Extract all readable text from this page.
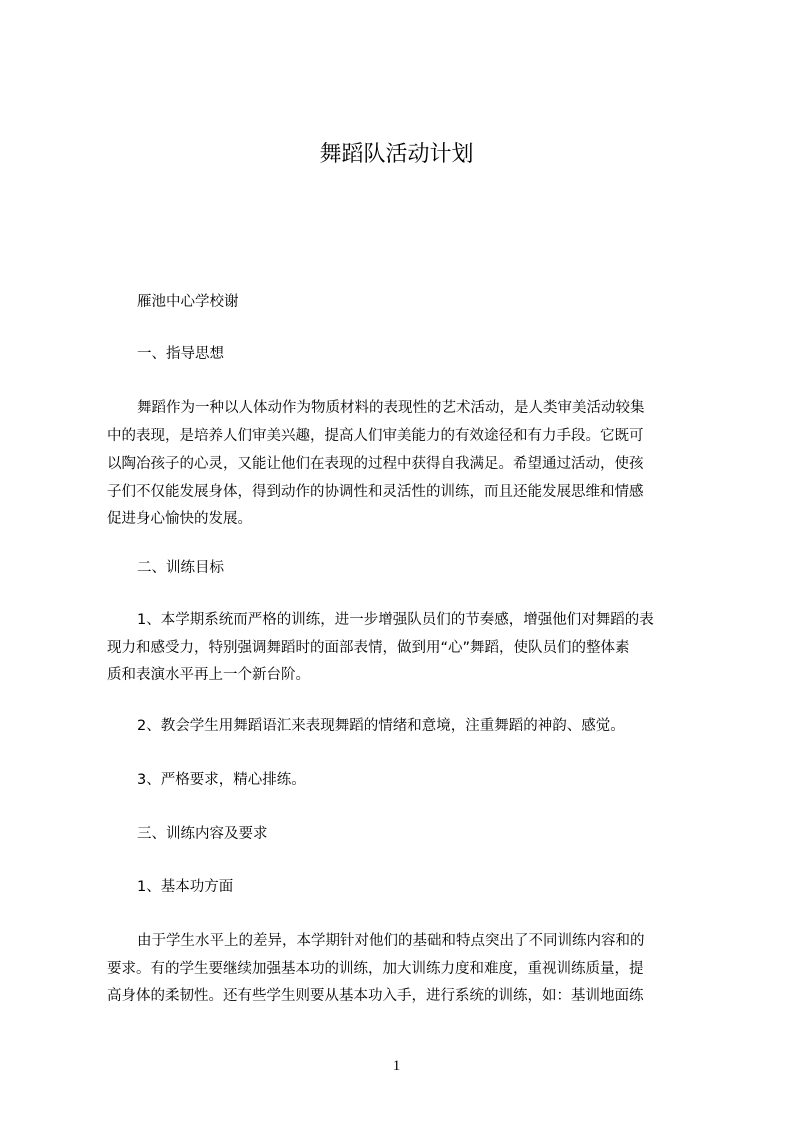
舞蹈队活动计划
雁池中心学校谢
一、指导思想
舞蹈作为一种以人体动作为物质材料的表现性的艺术活动，是人类审美活动较集
中的表现，是培养人们审美兴趣，提高人们审美能力的有效途径和有力手段。它既可
以陶冶孩子的心灵，又能让他们在表现的过程中获得自我满足。希望通过活动，使孩
子们不仅能发展身体，得到动作的协调性和灵活性的训练，而且还能发展思维和情感
促进身心愉快的发展。
二、训练目标
1、本学期系统而严格的训练，进一步增强队员们的节奏感，增强他们对舞蹈的表
现力和感受力，特别强调舞蹈时的面部表情，做到用“心”舞蹈，使队员们的整体素
质和表演水平再上一个新台阶。
2、教会学生用舞蹈语汇来表现舞蹈的情绪和意境，注重舞蹈的神韵、感觉。
3、严格要求，精心排练。
三、训练内容及要求
1、基本功方面
由于学生水平上的差异，本学期针对他们的基础和特点突出了不同训练内容和的
要求。有的学生要继续加强基本功的训练，加大训练力度和难度，重视训练质量，提
高身体的柔韧性。还有些学生则要从基本功入手，进行系统的训练，如：基训地面练
1
